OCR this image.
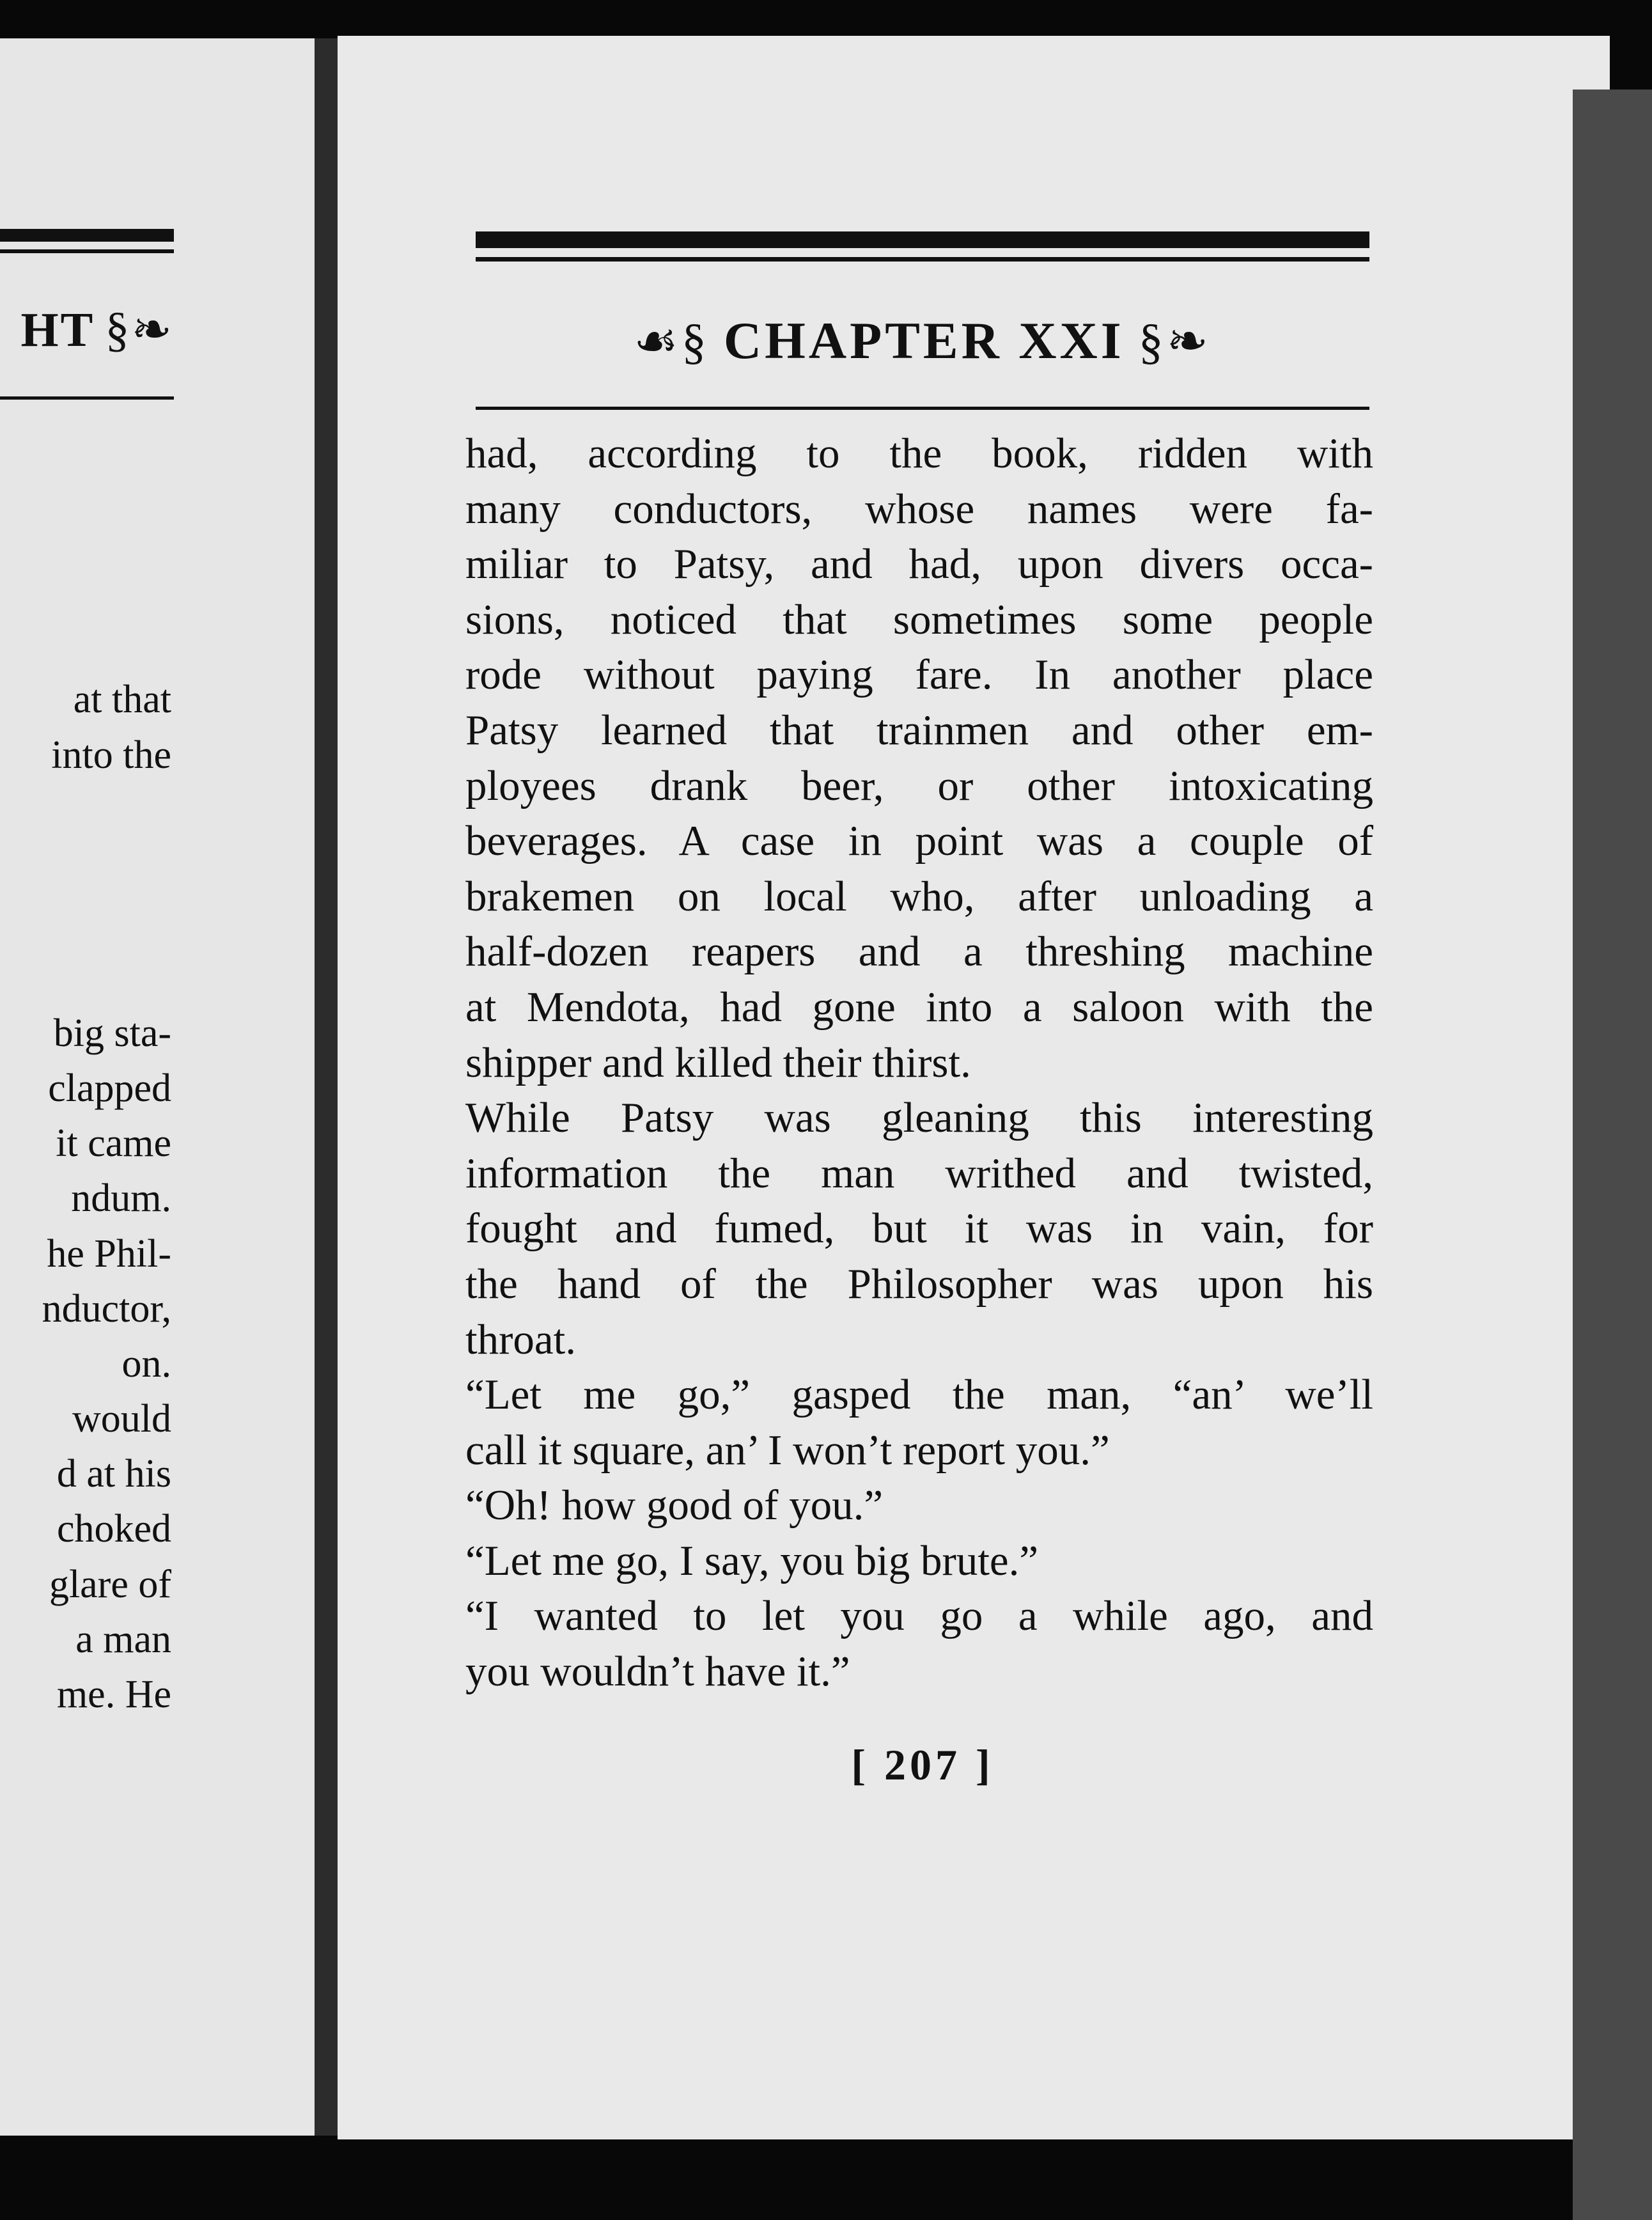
HT §❧
at that
into the
big sta-
clapped
it came
ndum.
he Phil-
nductor,
on.
would
d at his
choked
glare of
a man
me. He
☙§ CHAPTER XXI §❧
had, according to the book, ridden with
many conductors, whose names were fa-
miliar to Patsy, and had, upon divers occa-
sions, noticed that sometimes some people
rode without paying fare. In another place
Patsy learned that trainmen and other em-
ployees drank beer, or other intoxicating
beverages. A case in point was a couple of
brakemen on local who, after unloading a
half-dozen reapers and a threshing machine
at Mendota, had gone into a saloon with the
shipper and killed their thirst.
While Patsy was gleaning this interesting
information the man writhed and twisted,
fought and fumed, but it was in vain, for
the hand of the Philosopher was upon his
throat.
“Let me go,” gasped the man, “an’ we’ll
call it square, an’ I won’t report you.”
“Oh! how good of you.”
“Let me go, I say, you big brute.”
“I wanted to let you go a while ago, and
you wouldn’t have it.”
[ 207 ]
